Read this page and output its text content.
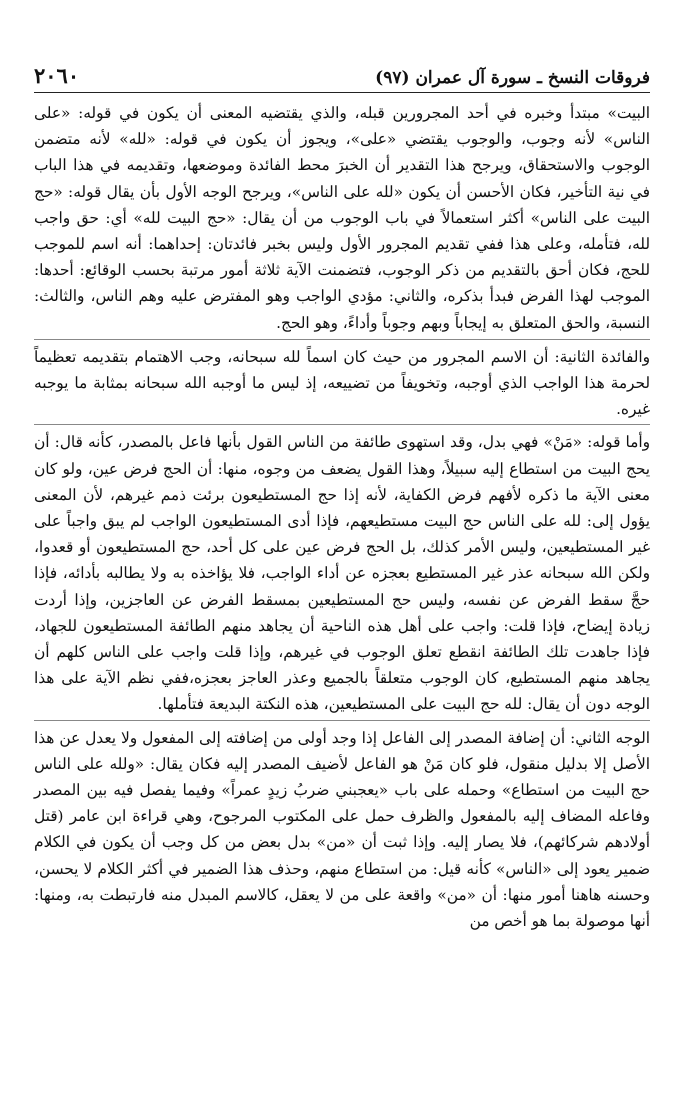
٢٠٦٠	فروقات النسخ ـ سورة آل عمران (٩٧)

البيت» مبتدأ وخبره في أحد المجرورين قبله، والذي يقتضيه المعنى أن يكون في قوله: «على الناس» لأنه وجوب، والوجوب يقتضي «على»، ويجوز أن يكون في قوله: «لله» لأنه متضمن الوجوب والاستحقاق، ويرجح هذا التقدير أن الخبرَ محط الفائدة وموضعها، وتقديمه في هذا الباب في نية التأخير، فكان الأحسن أن يكون «لله على الناس»، ويرجح الوجه الأول بأن يقال قوله: «حج البيت على الناس» أكثر استعمالاً في باب الوجوب من أن يقال: «حج البيت لله» أي: حق واجب لله، فتأمله، وعلى هذا ففي تقديم المجرور الأول وليس بخبر فائدتان: إحداهما: أنه اسم للموجب للحج، فكان أحق بالتقديم من ذكر الوجوب، فتضمنت الآية ثلاثة أمور مرتبة بحسب الوقائع: أحدها: الموجب لهذا الفرض فبدأ بذكره، والثاني: مؤدي الواجب وهو المفترض عليه وهم الناس، والثالث: النسبة، والحق المتعلق به إيجاباً وبهم وجوباً وأداءً، وهو الحج.

والفائدة الثانية: أن الاسم المجرور من حيث كان اسماً لله سبحانه، وجب الاهتمام بتقديمه تعظيماً لحرمة هذا الواجب الذي أوجبه، وتخويفاً من تضييعه، إذ ليس ما أوجبه الله سبحانه بمثابة ما يوجبه غيره.

وأما قوله: «مَنْ» فهي بدل، وقد استهوى طائفة من الناس القول بأنها فاعل بالمصدر، كأنه قال: أن يحج البيت من استطاع إليه سبيلاً، وهذا القول يضعف من وجوه، منها: أن الحج فرض عين، ولو كان معنى الآية ما ذكره لأفهم فرض الكفاية، لأنه إذا حج المستطيعون برئت ذمم غيرهم، لأن المعنى يؤول إلى: لله على الناس حج البيت مستطيعهم، فإذا أدى المستطيعون الواجب لم يبق واجباً على غير المستطيعين، وليس الأمر كذلك، بل الحج فرض عين على كل أحد، حج المستطيعون أو قعدوا، ولكن الله سبحانه عذر غير المستطيع بعجزه عن أداء الواجب، فلا يؤاخذه به ولا يطالبه بأدائه، فإذا حجَّ سقط الفرض عن نفسه، وليس حج المستطيعين بمسقط الفرض عن العاجزين، وإذا أردت زيادة إيضاح، فإذا قلت: واجب على أهل هذه الناحية أن يجاهد منهم الطائفة المستطيعون للجهاد، فإذا جاهدت تلك الطائفة انقطع تعلق الوجوب في غيرهم، وإذا قلت واجب على الناس كلهم أن يجاهد منهم المستطيع، كان الوجوب متعلقاً بالجميع وعذر العاجز بعجزه،ففي نظم الآية على هذا الوجه دون أن يقال: لله حج البيت على المستطيعين، هذه النكتة البديعة فتأملها.

الوجه الثاني: أن إضافة المصدر إلى الفاعل إذا وجد أولى من إضافته إلى المفعول ولا يعدل عن هذا الأصل إلا بدليل منقول، فلو كان مَنْ هو الفاعل لأضيف المصدر إليه فكان يقال: «ولله على الناس حج البيت من استطاع» وحمله على باب «يعجبني ضربُ زيدٍ عمراً» وفيما يفصل فيه بين المصدر وفاعله المضاف إليه بالمفعول والظرف حمل على المكتوب المرجوح، وهي قراءة ابن عامر (قتل أولادهم شركائهم)، فلا يصار إليه. وإذا ثبت أن «من» بدل بعض من كل وجب أن يكون في الكلام ضمير يعود إلى «الناس» كأنه قيل: من استطاع منهم، وحذف هذا الضمير في أكثر الكلام لا يحسن، وحسنه هاهنا أمور منها: أن «من» واقعة على من لا يعقل، كالاسم المبدل منه فارتبطت به، ومنها: أنها موصولة بما هو أخص من
